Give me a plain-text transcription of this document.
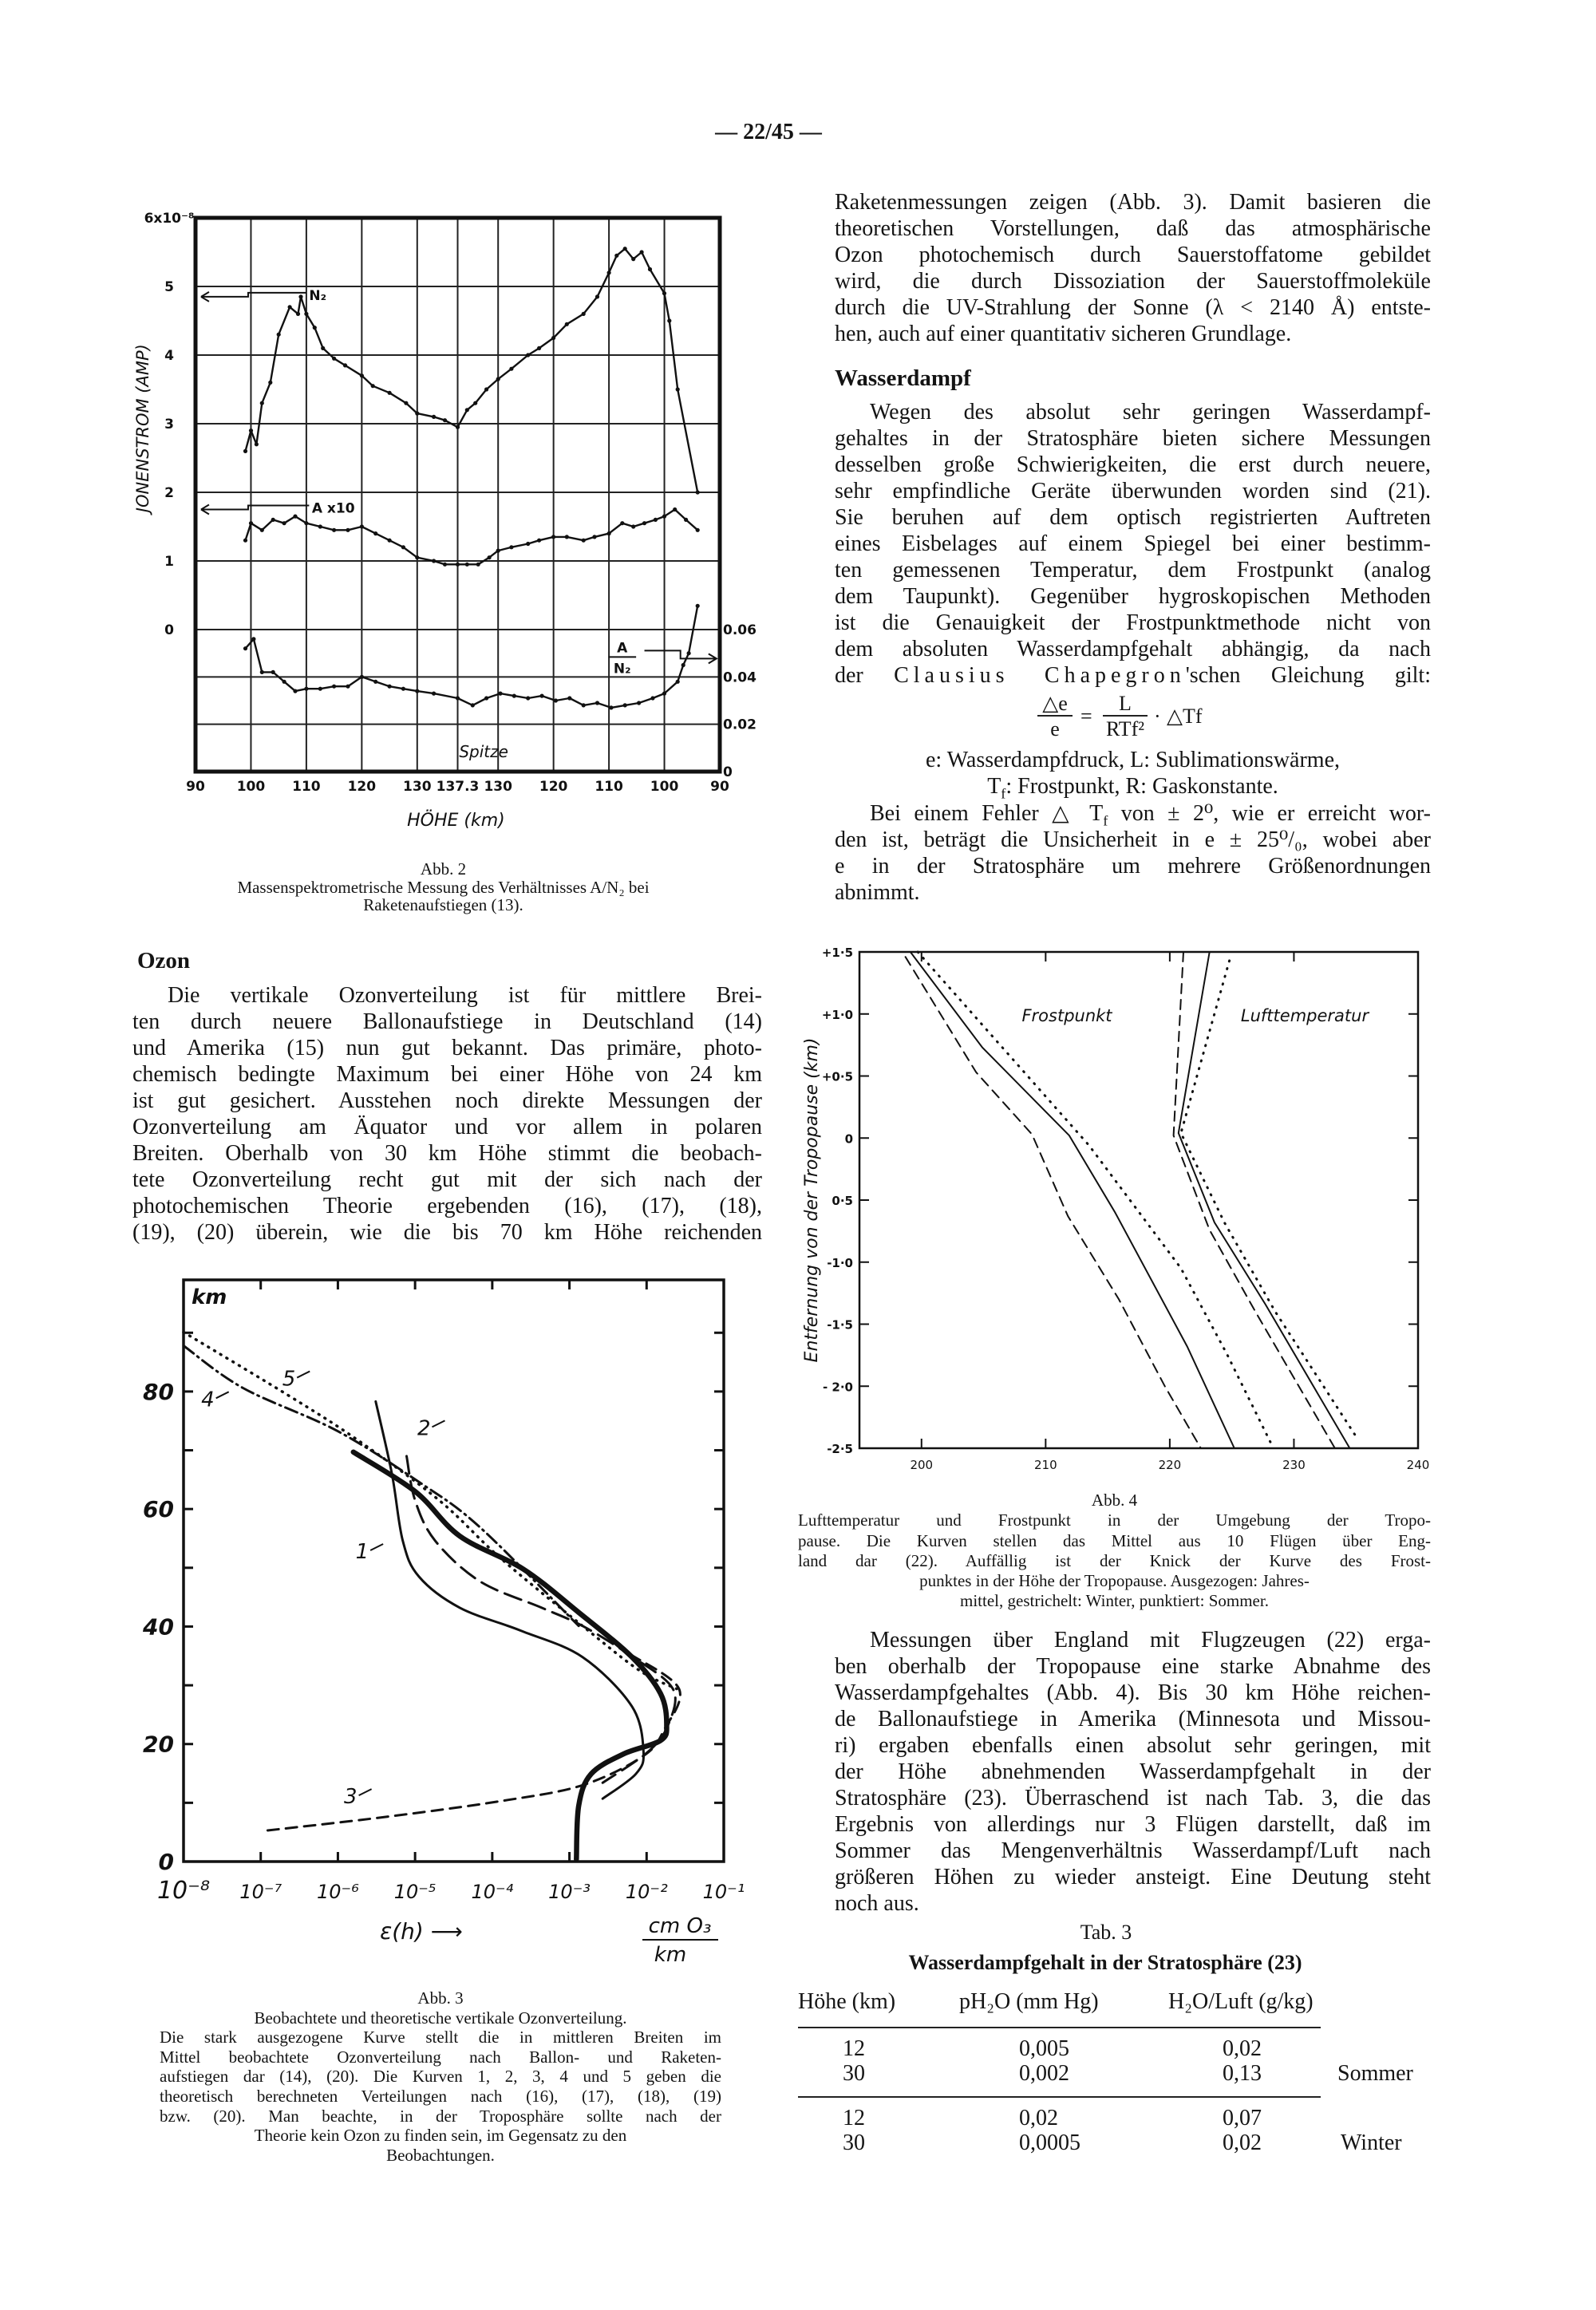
— 22/45 —
90 100 110 120 130 137.3 130 120 110 100 90
0
1
2
3
4
5
6x10⁻⁸
0
0.02
0.04
0.06
N₂
A x10
A
N₂
Spitze
HÖHE (km)
JONENSTROM (AMP)
Abb. 2
Massenspektrometrische Messung des Verhältnisses A/N₂ bei
Raketenaufstiegen (13).
Ozon
Die vertikale Ozonverteilung ist für mittlere Brei-
ten durch neuere Ballonaufstiege in Deutschland (14)
und Amerika (15) nun gut bekannt. Das primäre, photo-
chemisch bedingte Maximum bei einer Höhe von 24 km
ist gut gesichert. Ausstehen noch direkte Messungen der
Ozonverteilung am Äquator und vor allem in polaren
Breiten. Oberhalb von 30 km Höhe stimmt die beobach-
tete Ozonverteilung recht gut mit der sich nach der
photochemischen Theorie ergebenden (16), (17), (18),
(19), (20) überein, wie die bis 70 km Höhe reichenden
0
20
40
60
80
10⁻⁸ 10⁻⁷ 10⁻⁶ 10⁻⁵ 10⁻⁴ 10⁻³ 10⁻² 10⁻¹
km
1
2
3
4
5
ε(h) ⟶	cm O₃
km
Abb. 3
Beobachtete und theoretische vertikale Ozonverteilung.
Die stark ausgezogene Kurve stellt die in mittleren Breiten im
Mittel beobachtete Ozonverteilung nach Ballon- und Raketen-
aufstiegen dar (14), (20). Die Kurven 1, 2, 3, 4 und 5 geben die
theoretisch berechneten Verteilungen nach (16), (17), (18), (19)
bzw. (20). Man beachte, in der Troposphäre sollte nach der
Theorie kein Ozon zu finden sein, im Gegensatz zu den
Beobachtungen.
Raketenmessungen zeigen (Abb. 3). Damit basieren die
theoretischen Vorstellungen, daß das atmosphärische
Ozon photochemisch durch Sauerstoffatome gebildet
wird, die durch Dissoziation der Sauerstoffmoleküle
durch die UV-Strahlung der Sonne (λ < 2140 Å) entste-
hen, auch auf einer quantitativ sicheren Grundlage.
Wasserdampf
Wegen des absolut sehr geringen Wasserdampf-
gehaltes in der Stratosphäre bieten sichere Messungen
desselben große Schwierigkeiten, die erst durch neuere,
sehr empfindliche Geräte überwunden worden sind (21).
Sie beruhen auf dem optisch registrierten Auftreten
eines Eisbelages auf einem Spiegel bei einer bestimm-
ten gemessenen Temperatur, dem Frostpunkt (analog
dem Taupunkt). Gegenüber hygroskopischen Methoden
ist die Genauigkeit der Frostpunktmethode nicht von
dem absoluten Wasserdampfgehalt abhängig, da nach
der Clausius Chapegron'schen Gleichung gilt:
△e
e
=
L
RTf²
· △Tf
e: Wasserdampfdruck, L: Sublimationswärme,
$T_f$: Frostpunkt, R: Gaskonstante.
Bei einem Fehler △ $T_f$ von ± 2⁰, wie er erreicht wor-
den ist, beträgt die Unsicherheit in e ± 25⁰/₀, wobei aber
e in der Stratosphäre um mehrere Größenordnungen
abnimmt.
+1·5
+1·0
+0·5
0
0·5
-1·0
-1·5
- 2·0
-2·5
200	210	220	230	240
Frostpunkt	Lufttemperatur
Entfernung von der Tropopause (km)
Abb. 4
Lufttemperatur und Frostpunkt in der Umgebung der Tropo-
pause. Die Kurven stellen das Mittel aus 10 Flügen über Eng-
land dar (22). Auffällig ist der Knick der Kurve des Frost-
punktes in der Höhe der Tropopause. Ausgezogen: Jahres-
mittel, gestrichelt: Winter, punktiert: Sommer.
Messungen über England mit Flugzeugen (22) erga-
ben oberhalb der Tropopause eine starke Abnahme des
Wasserdampfgehaltes (Abb. 4). Bis 30 km Höhe reichen-
de Ballonaufstiege in Amerika (Minnesota und Missou-
ri) ergaben ebenfalls einen absolut sehr geringen, mit
der Höhe abnehmenden Wasserdampfgehalt in der
Stratosphäre (23). Überraschend ist nach Tab. 3, die das
Ergebnis von allerdings nur 3 Flügen darstellt, daß im
Sommer das Mengenverhältnis Wasserdampf/Luft nach
größeren Höhen zu wieder ansteigt. Eine Deutung steht
noch aus.
Tab. 3
Wasserdampfgehalt in der Stratosphäre (23)
Höhe (km)	pH₂O (mm Hg)	H₂O/Luft (g/kg)
12	0,005	0,02
30	0,002	0,13	Sommer
12	0,02	0,07
30	0,0005	0,02	Winter
